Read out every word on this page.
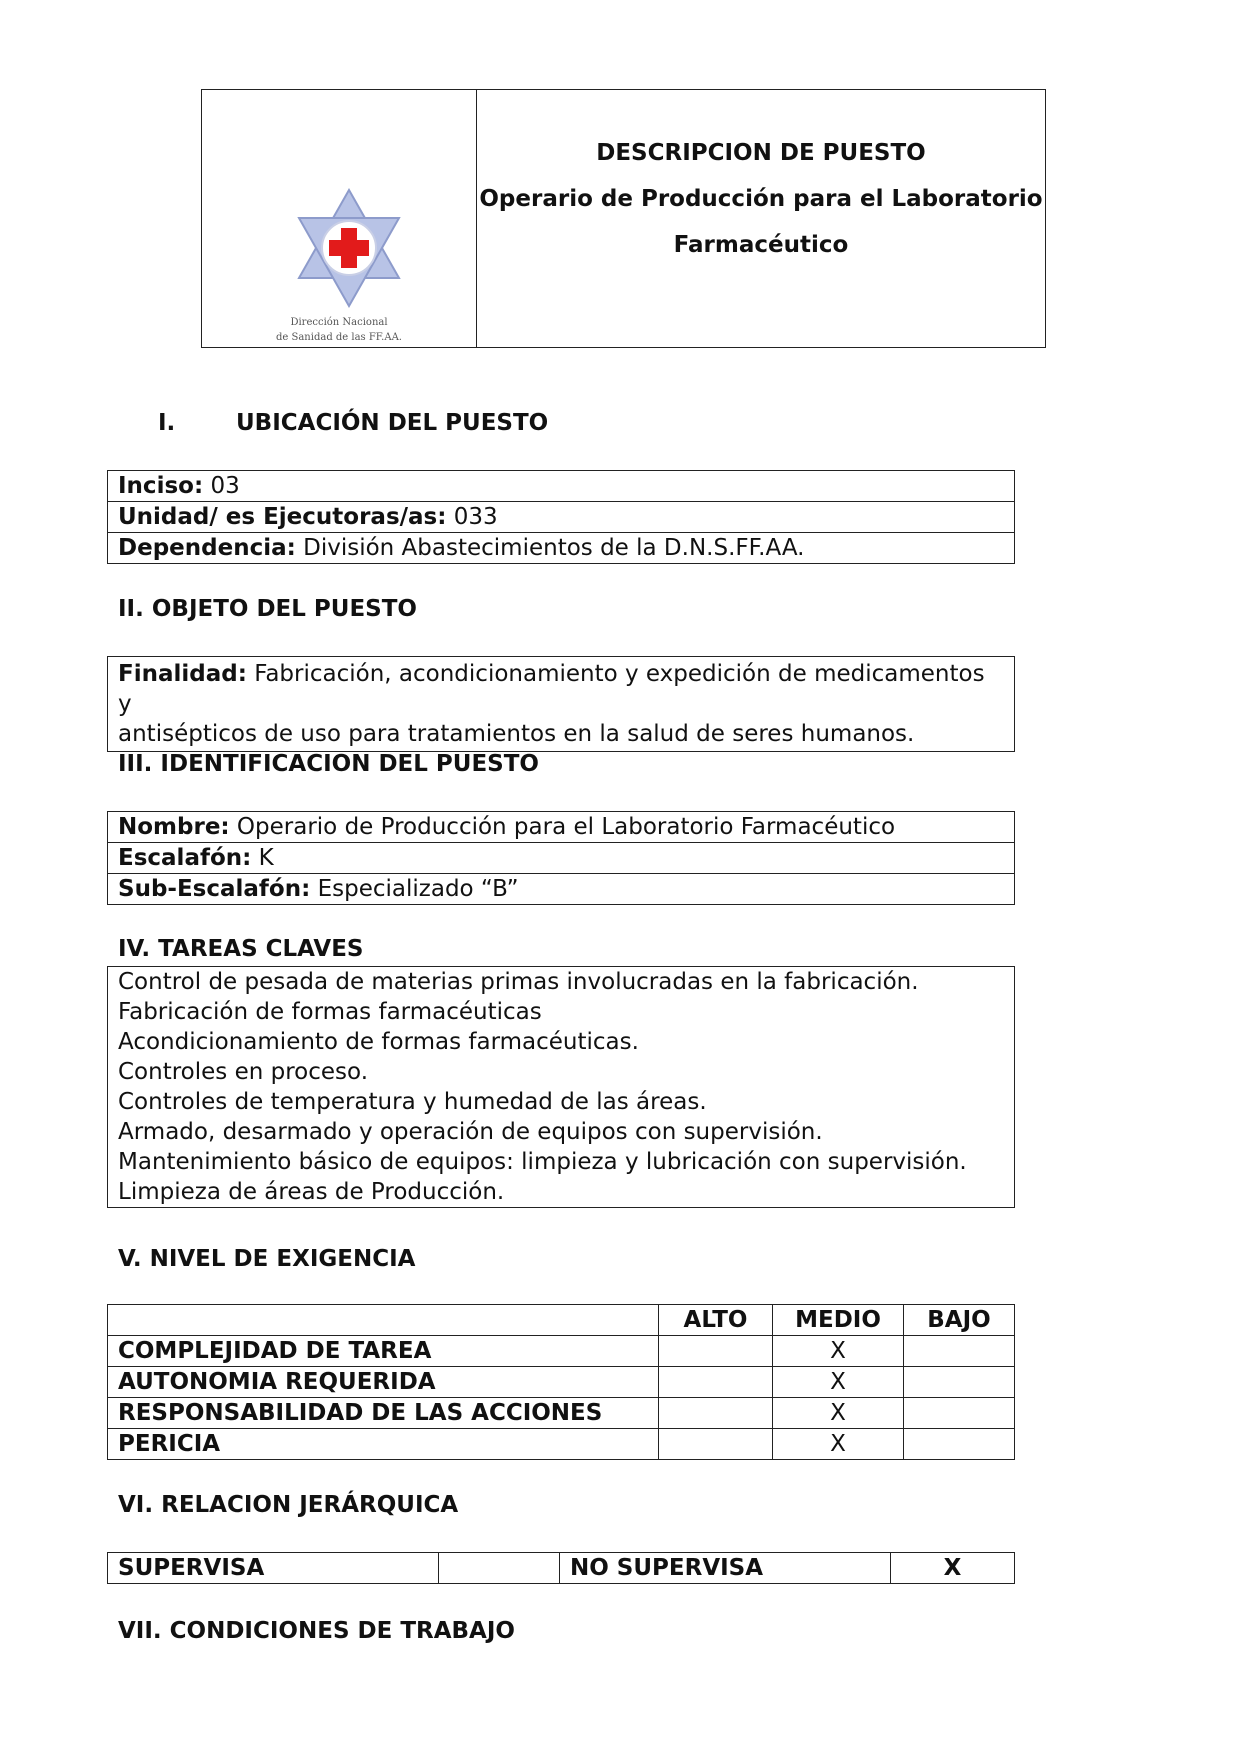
Dirección Nacional
de Sanidad de las FF.AA.

DESCRIPCION DE PUESTO
Operario de Producción para el Laboratorio
Farmacéutico
I.	UBICACIÓN DEL PUESTO
Inciso: 03
Unidad/ es Ejecutoras/as: 033
Dependencia: División Abastecimientos de la D.N.S.FF.AA.
II. OBJETO DEL PUESTO
Finalidad: Fabricación, acondicionamiento y expedición de medicamentos y
antisépticos de uso para tratamientos en la salud de seres humanos.
III. IDENTIFICACION DEL PUESTO
Nombre: Operario de Producción para el Laboratorio Farmacéutico
Escalafón: K
Sub-Escalafón: Especializado “B”
IV. TAREAS CLAVES
Control de pesada de materias primas involucradas en la fabricación.
Fabricación de formas farmacéuticas
Acondicionamiento de formas farmacéuticas.
Controles en proceso.
Controles de temperatura y humedad de las áreas.
Armado, desarmado y operación de equipos con supervisión.
Mantenimiento básico de equipos: limpieza y lubricación con supervisión.
Limpieza de áreas de Producción.
V. NIVEL DE EXIGENCIA
	ALTO	MEDIO	BAJO
COMPLEJIDAD DE TAREA		X	
AUTONOMIA REQUERIDA		X	
RESPONSABILIDAD DE LAS ACCIONES		X	
PERICIA		X	
VI. RELACION JERÁRQUICA
SUPERVISA		NO SUPERVISA	X
VII. CONDICIONES DE TRABAJO
